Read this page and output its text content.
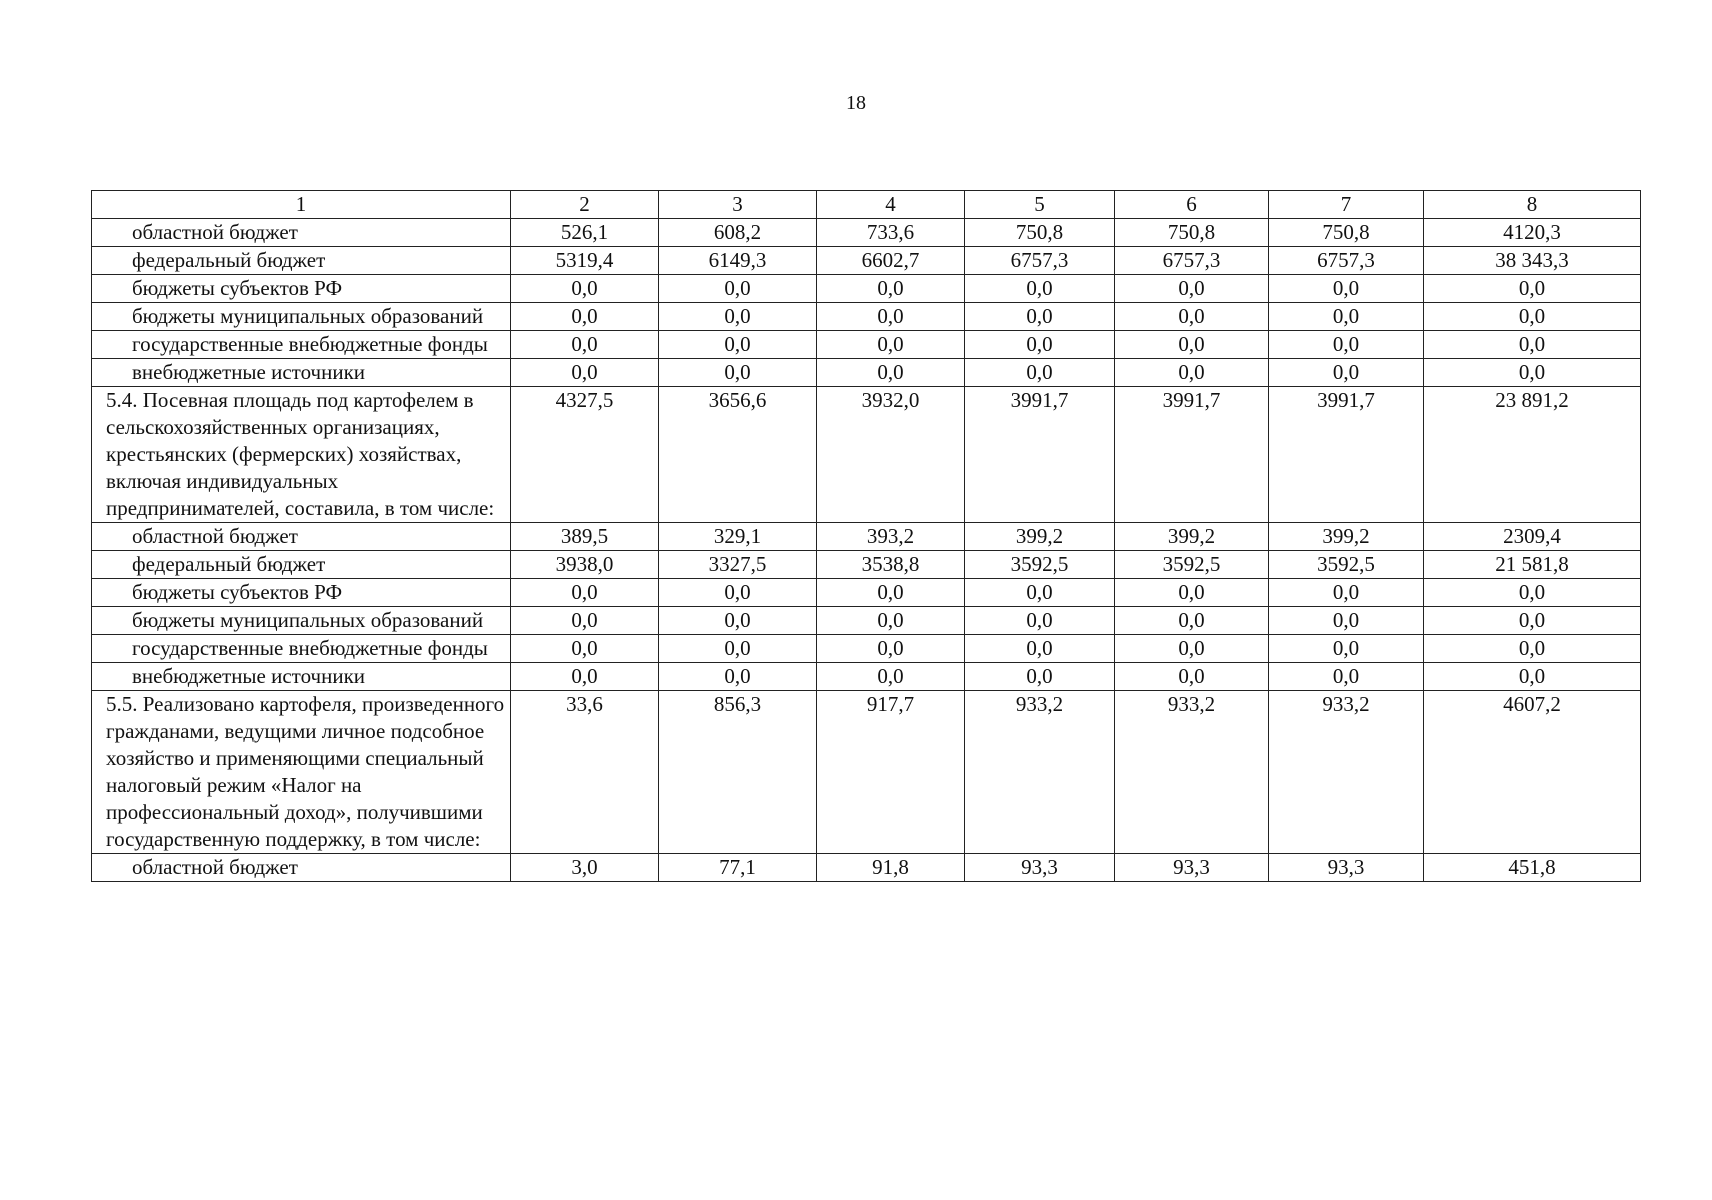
18
1	2	3	4	5	6	7	8

областной бюджет	526,1	608,2	733,6	750,8	750,8	750,8	4120,3

федеральный бюджет	5319,4	6149,3	6602,7	6757,3	6757,3	6757,3	38 343,3

бюджеты субъектов РФ	0,0	0,0	0,0	0,0	0,0	0,0	0,0

бюджеты муниципальных образований	0,0	0,0	0,0	0,0	0,0	0,0	0,0

государственные внебюджетные фонды	0,0	0,0	0,0	0,0	0,0	0,0	0,0

внебюджетные источники	0,0	0,0	0,0	0,0	0,0	0,0	0,0

5.4. Посевная площадь под картофелем в сельскохозяйственных организациях, крестьянских (фермерских) хозяйствах, включая индивидуальных предпринимателей, составила, в том числе:	4327,5	3656,6	3932,0	3991,7	3991,7	3991,7	23 891,2

областной бюджет	389,5	329,1	393,2	399,2	399,2	399,2	2309,4

федеральный бюджет	3938,0	3327,5	3538,8	3592,5	3592,5	3592,5	21 581,8

бюджеты субъектов РФ	0,0	0,0	0,0	0,0	0,0	0,0	0,0

бюджеты муниципальных образований	0,0	0,0	0,0	0,0	0,0	0,0	0,0

государственные внебюджетные фонды	0,0	0,0	0,0	0,0	0,0	0,0	0,0

внебюджетные источники	0,0	0,0	0,0	0,0	0,0	0,0	0,0

5.5. Реализовано картофеля, произведенного гражданами, ведущими личное подсобное хозяйство и применяющими специальный налоговый режим «Налог на профессиональный доход», получившими государственную поддержку, в том числе:	33,6	856,3	917,7	933,2	933,2	933,2	4607,2

областной бюджет	3,0	77,1	91,8	93,3	93,3	93,3	451,8
